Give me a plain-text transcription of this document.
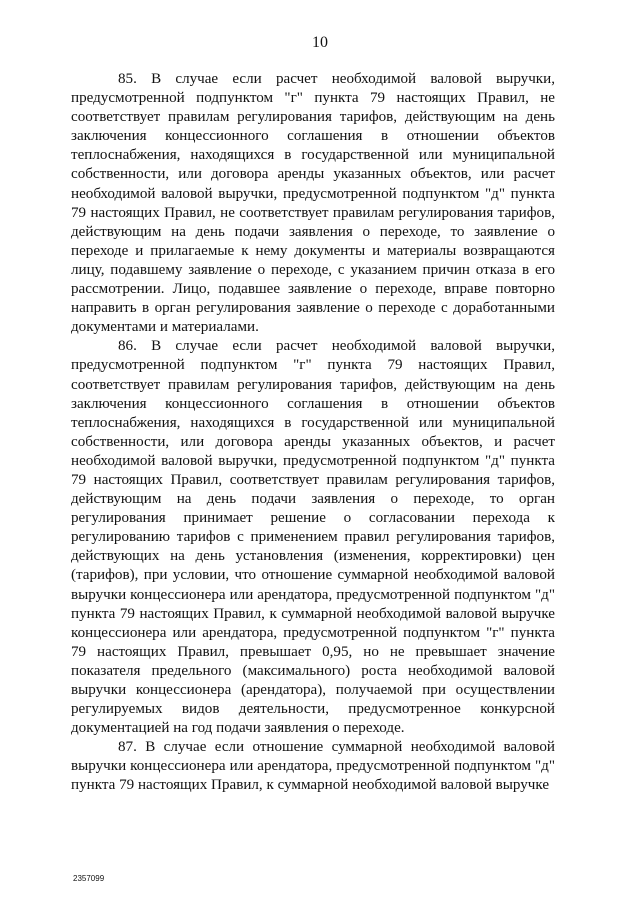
10

85. В случае если расчет необходимой валовой выручки, предусмотренной подпунктом "г" пункта 79 настоящих Правил, не соответствует правилам регулирования тарифов, действующим на день заключения концессионного соглашения в отношении объектов теплоснабжения, находящихся в государственной или муниципальной собственности, или договора аренды указанных объектов, или расчет необходимой валовой выручки, предусмотренной подпунктом "д" пункта 79 настоящих Правил, не соответствует правилам регулирования тарифов, действующим на день подачи заявления о переходе, то заявление о переходе и прилагаемые к нему документы и материалы возвращаются лицу, подавшему заявление о переходе, с указанием причин отказа в его рассмотрении. Лицо, подавшее заявление о переходе, вправе повторно направить в орган регулирования заявление о переходе с доработанными документами и материалами.

86. В случае если расчет необходимой валовой выручки, предусмотренной подпунктом "г" пункта 79 настоящих Правил, соответствует правилам регулирования тарифов, действующим на день заключения концессионного соглашения в отношении объектов теплоснабжения, находящихся в государственной или муниципальной собственности, или договора аренды указанных объектов, и расчет необходимой валовой выручки, предусмотренной подпунктом "д" пункта 79 настоящих Правил, соответствует правилам регулирования тарифов, действующим на день подачи заявления о переходе, то орган регулирования принимает решение о согласовании перехода к регулированию тарифов с применением правил регулирования тарифов, действующих на день установления (изменения, корректировки) цен (тарифов), при условии, что отношение суммарной необходимой валовой выручки концессионера или арендатора, предусмотренной подпунктом "д" пункта 79 настоящих Правил, к суммарной необходимой валовой выручке концессионера или арендатора, предусмотренной подпунктом "г" пункта 79 настоящих Правил, превышает 0,95, но не превышает значение показателя предельного (максимального) роста необходимой валовой выручки концессионера (арендатора), получаемой при осуществлении регулируемых видов деятельности, предусмотренное конкурсной документацией на год подачи заявления о переходе.

87. В случае если отношение суммарной необходимой валовой выручки концессионера или арендатора, предусмотренной подпунктом "д" пункта 79 настоящих Правил, к суммарной необходимой валовой выручке

2357099
